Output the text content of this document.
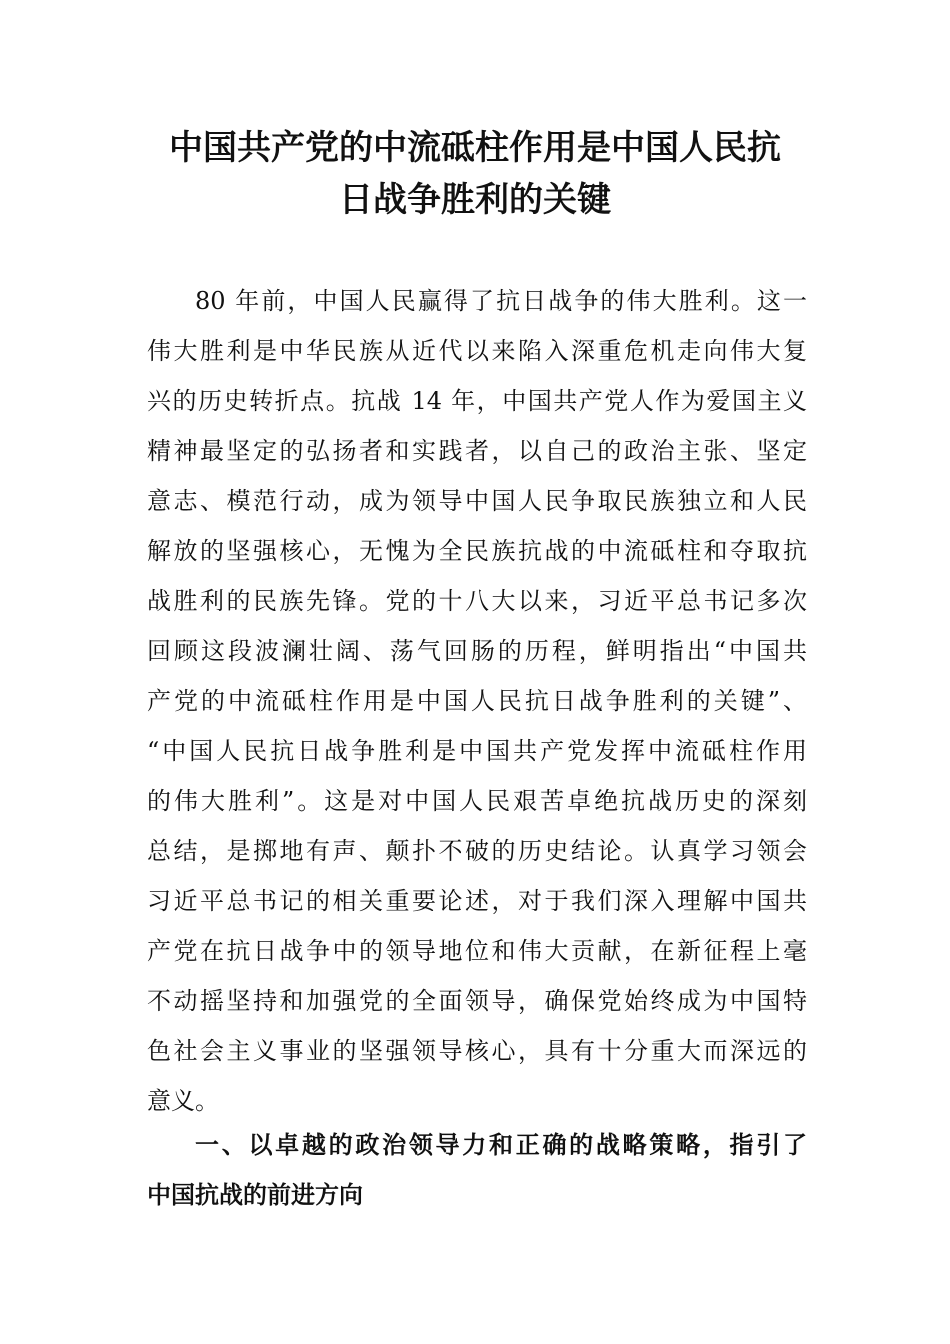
中国共产党的中流砥柱作用是中国人民抗
日战争胜利的关键
80 年前，中国人民赢得了抗日战争的伟大胜利。这一
伟大胜利是中华民族从近代以来陷入深重危机走向伟大复
兴的历史转折点。抗战 14 年，中国共产党人作为爱国主义
精神最坚定的弘扬者和实践者，以自己的政治主张、坚定
意志、模范行动，成为领导中国人民争取民族独立和人民
解放的坚强核心，无愧为全民族抗战的中流砥柱和夺取抗
战胜利的民族先锋。党的十八大以来，习近平总书记多次
回顾这段波澜壮阔、荡气回肠的历程，鲜明指出“中国共
产党的中流砥柱作用是中国人民抗日战争胜利的关键”、
“中国人民抗日战争胜利是中国共产党发挥中流砥柱作用
的伟大胜利”。这是对中国人民艰苦卓绝抗战历史的深刻
总结，是掷地有声、颠扑不破的历史结论。认真学习领会
习近平总书记的相关重要论述，对于我们深入理解中国共
产党在抗日战争中的领导地位和伟大贡献，在新征程上毫
不动摇坚持和加强党的全面领导，确保党始终成为中国特
色社会主义事业的坚强领导核心，具有十分重大而深远的
意义。
一、以卓越的政治领导力和正确的战略策略，指引了
中国抗战的前进方向
